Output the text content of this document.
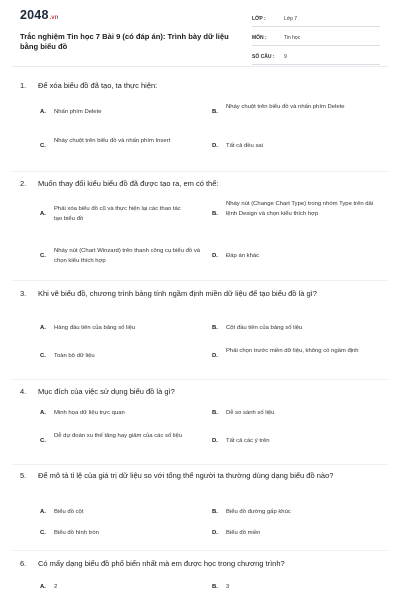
2048 .vn
Trắc nghiệm Tin học 7 Bài 9 (có đáp án): Trình bày dữ liệu bằng biểu đồ
LỚP :	Lớp 7
MÔN :	Tin học
SỐ CÂU :	9
1.	Để xóa biểu đồ đã tạo, ta thực hiện:
A. Nhấn phím Delete	B.
Nháy chuột trên biểu đồ và nhấn phím Delete
C.
Nháy chuột trên biểu đồ và nhấn phím Insert
D. Tất cả đều sai
2.	Muốn thay đổi kiểu biểu đồ đã được tạo ra, em có thể:
A.
Phải xóa biểu đồ cũ và thực hiện lại các thao tác tạo biểu đồ
B.
Nháy nút (Change Chart Type) trong nhóm Type trên dải lệnh Design và chọn kiểu thích hợp
C.
Nháy nút (Chart Winzard) trên thanh công cụ biểu đồ và chọn kiểu thích hợp
D. Đáp án khác
3.	Khi vẽ biểu đồ, chương trình bảng tính ngầm định miền dữ liệu để tạo biểu đồ là gì?
A. Hàng đầu tiên của bảng số liệu	B. Cột đầu tiên của bảng số liệu
C. Toàn bộ dữ liệu	D.
Phải chọn trước miền dữ liệu, không có ngầm định
4.	Mục đích của việc sử dụng biểu đồ là gì?
A. Minh họa dữ liệu trực quan	B. Dễ so sánh số liệu
C.
Dễ dự đoán xu thế tăng hay giảm của các số liệu
D. Tất cả các ý trên
5.	Để mô tả tỉ lệ của giá trị dữ liệu so với tổng thể người ta thường dùng dạng biểu đồ nào?
A. Biểu đồ cột	B. Biểu đồ đường gấp khúc
C. Biểu đồ hình tròn	D. Biểu đồ miền
6.	Có mấy dạng biểu đồ phổ biến nhất mà em được học trong chương trình?
A. 2	B. 3
